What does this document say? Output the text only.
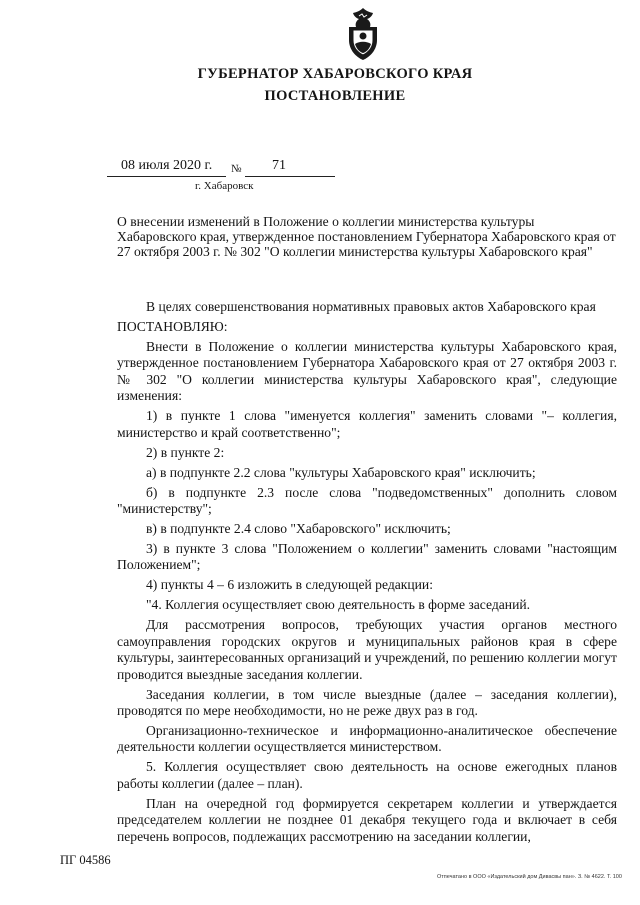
ГУБЕРНАТОР ХАБАРОВСКОГО КРАЯ
ПОСТАНОВЛЕНИЕ
08 июля 2020 г. № 71
г. Хабаровск
О внесении изменений в Положение о коллегии министерства культуры Хабаровского края, утвержденное постановлением Губернатора Хабаровского края от 27 октября 2003 г. № 302 "О коллегии министерства культуры Хабаровского края"

В целях совершенствования нормативных правовых актов Хабаровского края

ПОСТАНОВЛЯЮ:

Внести в Положение о коллегии министерства культуры Хабаровского края, утвержденное постановлением Губернатора Хабаровского края от 27 октября 2003 г. № 302 "О коллегии министерства культуры Хабаровского края", следующие изменения:

1) в пункте 1 слова "именуется коллегия" заменить словами "– коллегия, министерство и край соответственно";

2) в пункте 2:

а) в подпункте 2.2 слова "культуры Хабаровского края" исключить;

б) в подпункте 2.3 после слова "подведомственных" дополнить словом "министерству";

в) в подпункте 2.4 слово "Хабаровского" исключить;

3) в пункте 3 слова "Положением о коллегии" заменить словами "настоящим Положением";

4) пункты 4 – 6 изложить в следующей редакции:

"4. Коллегия осуществляет свою деятельность в форме заседаний.

Для рассмотрения вопросов, требующих участия органов местного самоуправления городских округов и муниципальных районов края в сфере культуры, заинтересованных организаций и учреждений, по решению коллегии могут проводится выездные заседания коллегии.

Заседания коллегии, в том числе выездные (далее – заседания коллегии), проводятся по мере необходимости, но не реже двух раз в год.

Организационно-техническое и информационно-аналитическое обеспечение деятельности коллегии осуществляется министерством.

5. Коллегия осуществляет свою деятельность на основе ежегодных планов работы коллегии (далее – план).

План на очередной год формируется секретарем коллегии и утверждается председателем коллегии не позднее 01 декабря текущего года и включает в себя перечень вопросов, подлежащих рассмотрению на заседании коллегии,

ПГ 04586
Отпечатано в ООО «Издательский дом Дивасвы пан». З. № 4622. Т. 100
